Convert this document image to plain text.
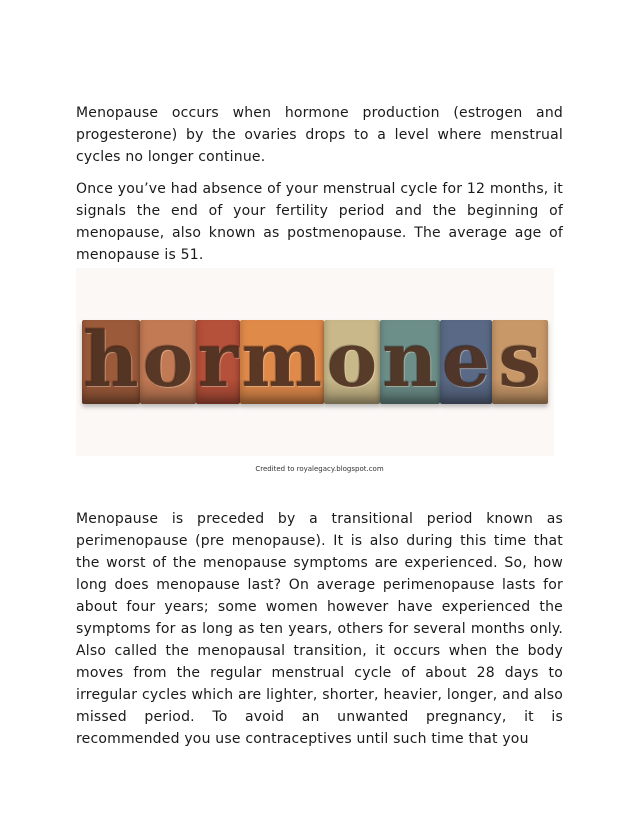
Menopause occurs when hormone production (estrogen and progesterone) by the ovaries drops to a level where menstrual cycles no longer continue.

Once you’ve had absence of your menstrual cycle for 12 months, it signals the end of your fertility period and the beginning of menopause, also known as postmenopause. The average age of menopause is 51.

h o r m o n e s
Credited to royalegacy.blogspot.com

Menopause is preceded by a transitional period known as perimenopause (pre menopause). It is also during this time that the worst of the menopause symptoms are experienced. So, how long does menopause last? On average perimenopause lasts for about four years; some women however have experienced the symptoms for as long as ten years, others for several months only. Also called the menopausal transition, it occurs when the body moves from the regular menstrual cycle of about 28 days to irregular cycles which are lighter, shorter, heavier, longer, and also missed period. To avoid an unwanted pregnancy, it is recommended you use contraceptives until such time that you
